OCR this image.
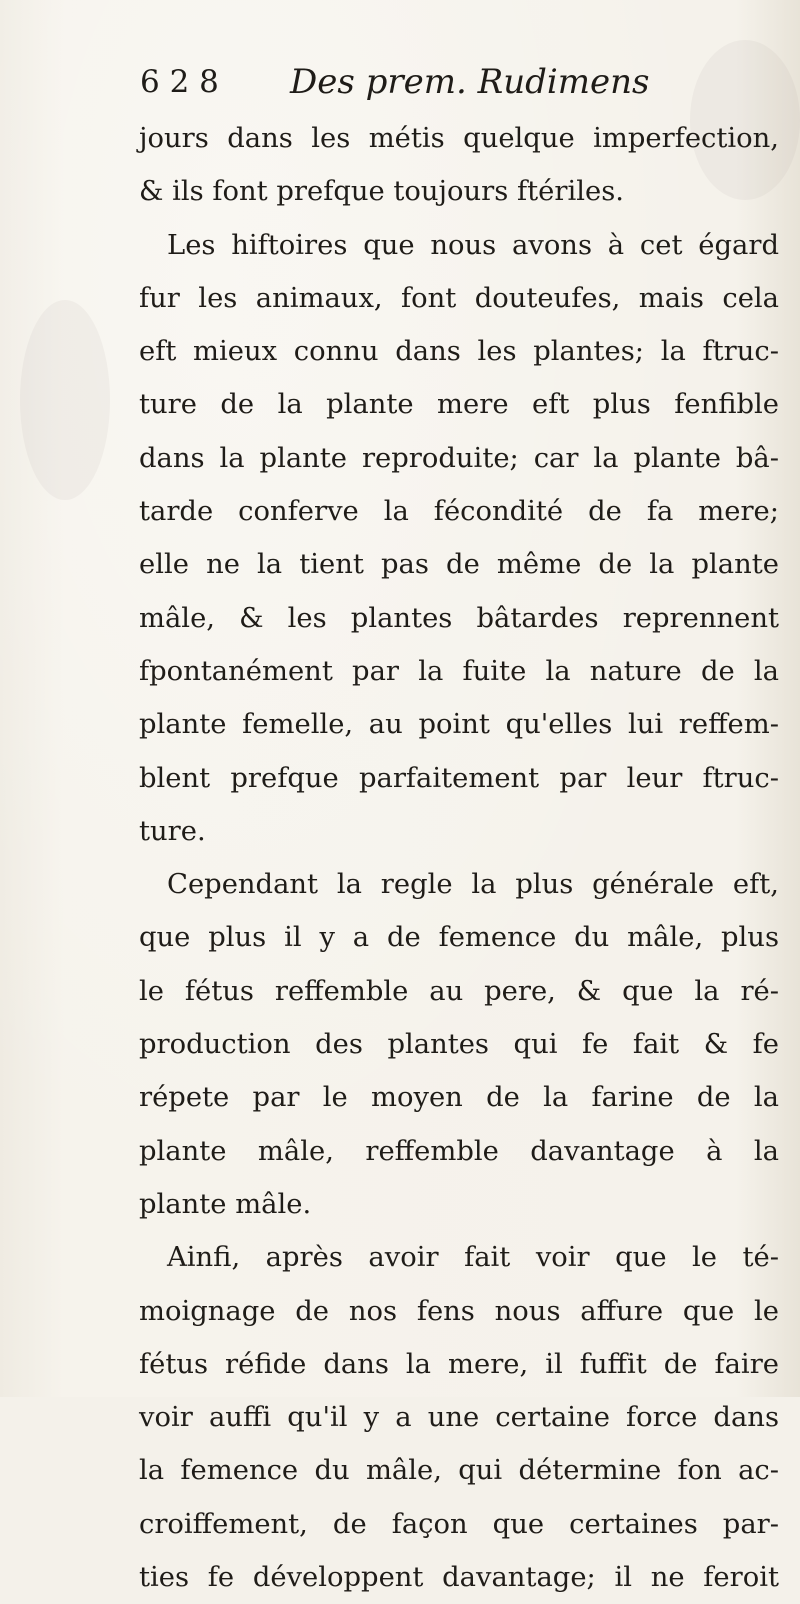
6 2 8 Des prem. Rudimens
jours dans les métis quelque imperfection,
& ils font prefque toujours ftériles.
Les hiftoires que nous avons à cet égard
fur les animaux, font douteufes, mais cela
eft mieux connu dans les plantes; la ftruc-
ture de la plante mere eft plus fenfible
dans la plante reproduite; car la plante bâ-
tarde conferve la fécondité de fa mere;
elle ne la tient pas de même de la plante
mâle, & les plantes bâtardes reprennent
fpontanément par la fuite la nature de la
plante femelle, au point qu'elles lui reffem-
blent prefque parfaitement par leur ftruc-
ture.
Cependant la regle la plus générale eft,
que plus il y a de femence du mâle, plus
le fétus reffemble au pere, & que la ré-
production des plantes qui fe fait & fe
répete par le moyen de la farine de la
plante mâle, reffemble davantage à la
plante mâle.
Ainfi, après avoir fait voir que le té-
moignage de nos fens nous affure que le
fétus réfide dans la mere, il fuffit de faire
voir auffi qu'il y a une certaine force dans
la femence du mâle, qui détermine fon ac-
croiffement, de façon que certaines par-
ties fe développent davantage; il ne feroit
